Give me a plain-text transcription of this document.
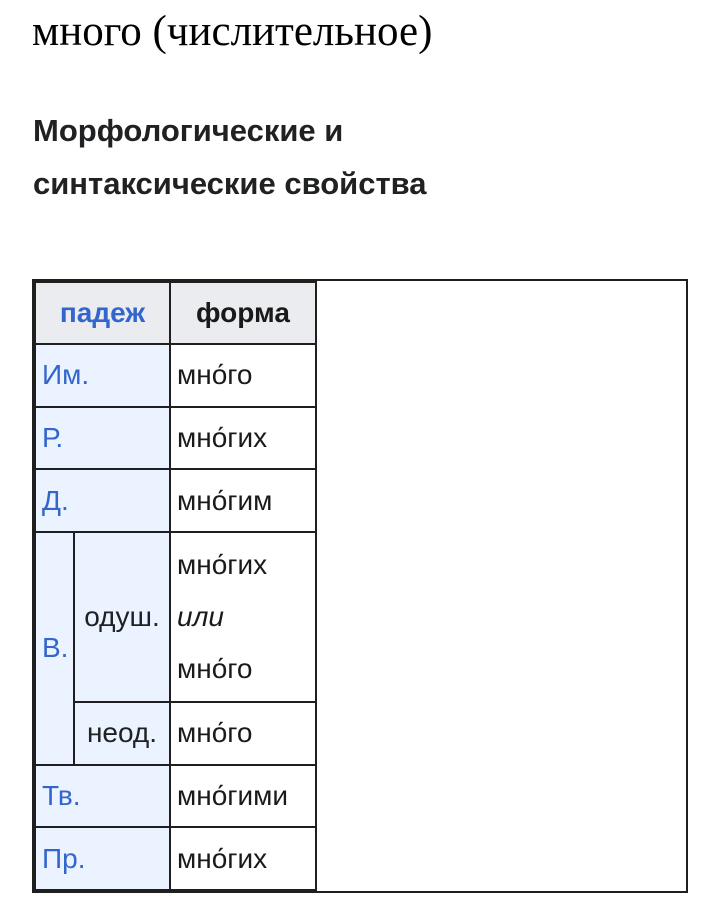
много (числительное)
Морфологические и синтаксические свойства
падеж		форма
Им.		мно́го
Р.		мно́гих
Д.		мно́гим
В.	одуш.	мно́гих
или
мно́го

	неод.	мно́го
Тв.		мно́гими
Пр.		мно́гих
